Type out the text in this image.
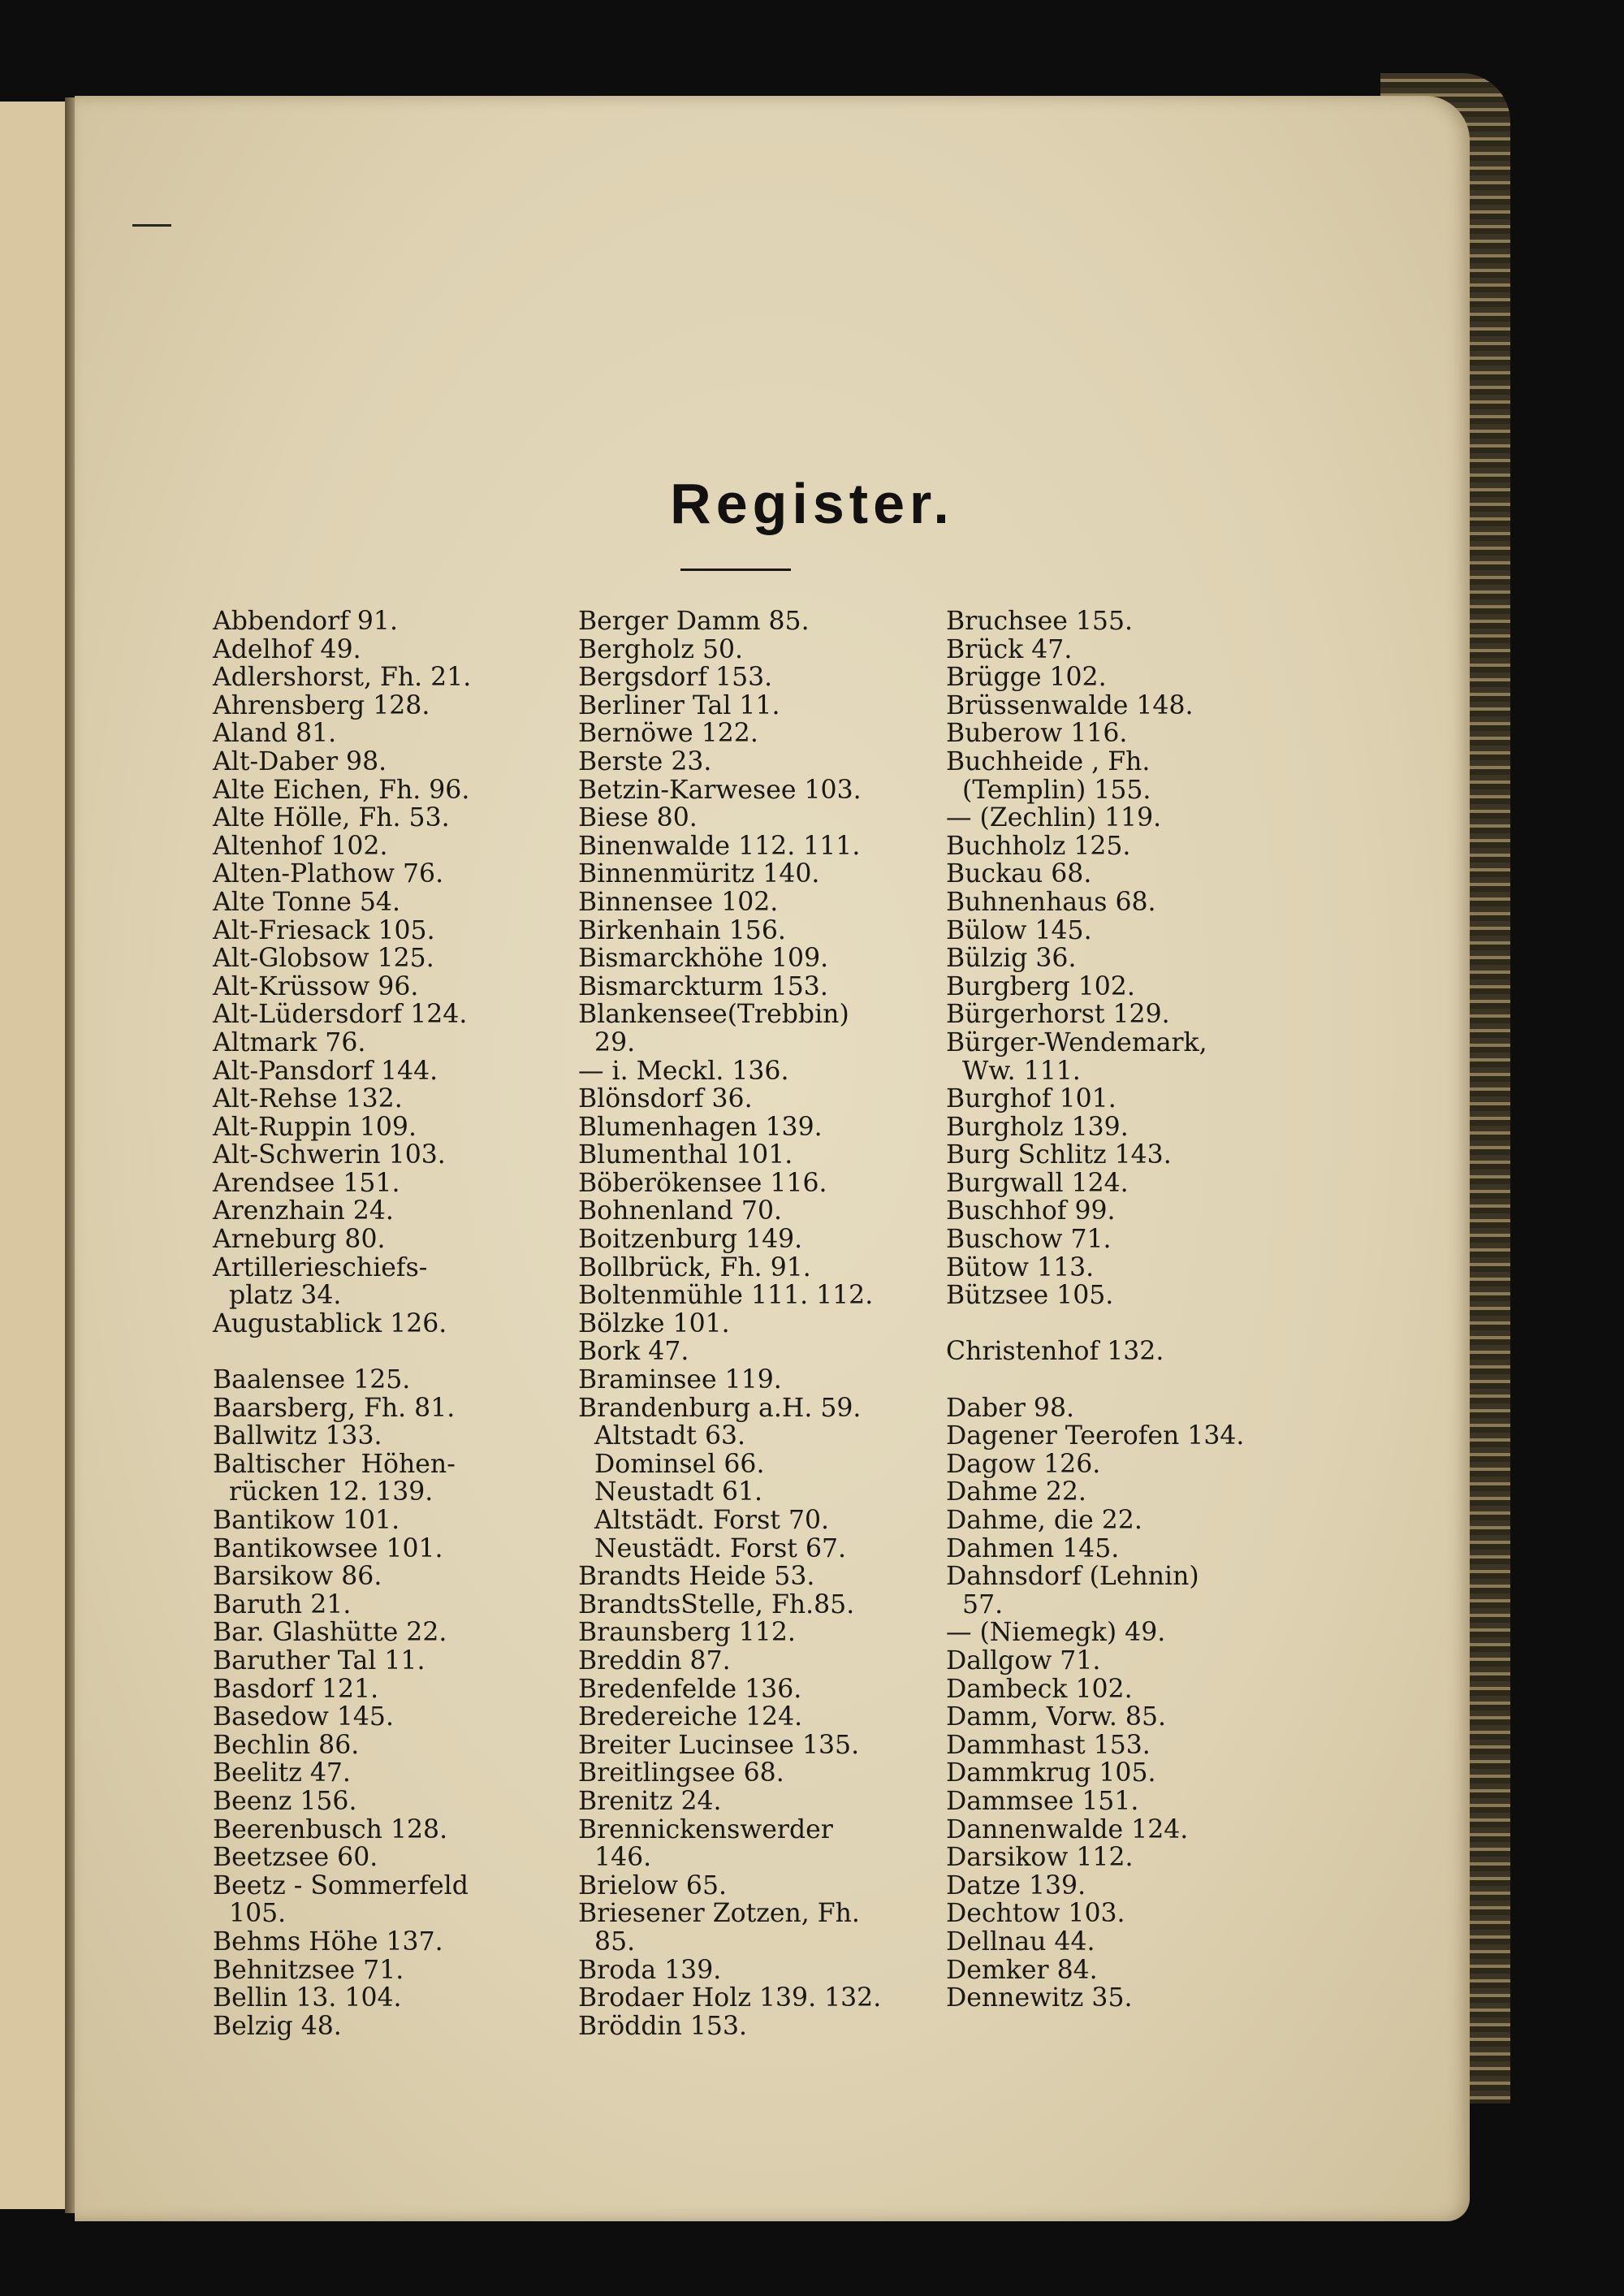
Register.
Abbendorf 91.
Adelhof 49.
Adlershorst, Fh. 21.
Ahrensberg 128.
Aland 81.
Alt-Daber 98.
Alte Eichen, Fh. 96.
Alte Hölle, Fh. 53.
Altenhof 102.
Alten-Plathow 76.
Alte Tonne 54.
Alt-Friesack 105.
Alt-Globsow 125.
Alt-Krüssow 96.
Alt-Lüdersdorf 124.
Altmark 76.
Alt-Pansdorf 144.
Alt-Rehse 132.
Alt-Ruppin 109.
Alt-Schwerin 103.
Arendsee 151.
Arenzhain 24.
Arneburg 80.
Artillerieschiefs-
platz 34.
Augustablick 126.
Baalensee 125.
Baarsberg, Fh. 81.
Ballwitz 133.
Baltischer  Höhen-
rücken 12. 139.
Bantikow 101.
Bantikowsee 101.
Barsikow 86.
Baruth 21.
Bar. Glashütte 22.
Baruther Tal 11.
Basdorf 121.
Basedow 145.
Bechlin 86.
Beelitz 47.
Beenz 156.
Beerenbusch 128.
Beetzsee 60.
Beetz - Sommerfeld
105.
Behms Höhe 137.
Behnitzsee 71.
Bellin 13. 104.
Belzig 48.
Berger Damm 85.
Bergholz 50.
Bergsdorf 153.
Berliner Tal 11.
Bernöwe 122.
Berste 23.
Betzin-Karwesee 103.
Biese 80.
Binenwalde 112. 111.
Binnenmüritz 140.
Binnensee 102.
Birkenhain 156.
Bismarckhöhe 109.
Bismarckturm 153.
Blankensee(Trebbin)
29.
— i. Meckl. 136.
Blönsdorf 36.
Blumenhagen 139.
Blumenthal 101.
Böberökensee 116.
Bohnenland 70.
Boitzenburg 149.
Bollbrück, Fh. 91.
Boltenmühle 111. 112.
Bölzke 101.
Bork 47.
Braminsee 119.
Brandenburg a.H. 59.
Altstadt 63.
Dominsel 66.
Neustadt 61.
Altstädt. Forst 70.
Neustädt. Forst 67.
Brandts Heide 53.
BrandtsStelle, Fh.85.
Braunsberg 112.
Breddin 87.
Bredenfelde 136.
Bredereiche 124.
Breiter Lucinsee 135.
Breitlingsee 68.
Brenitz 24.
Brennickenswerder
146.
Brielow 65.
Briesener Zotzen, Fh.
85.
Broda 139.
Brodaer Holz 139. 132.
Bröddin 153.
Bruchsee 155.
Brück 47.
Brügge 102.
Brüssenwalde 148.
Buberow 116.
Buchheide , Fh.
(Templin) 155.
— (Zechlin) 119.
Buchholz 125.
Buckau 68.
Buhnenhaus 68.
Bülow 145.
Bülzig 36.
Burgberg 102.
Bürgerhorst 129.
Bürger-Wendemark,
Ww. 111.
Burghof 101.
Burgholz 139.
Burg Schlitz 143.
Burgwall 124.
Buschhof 99.
Buschow 71.
Bütow 113.
Bützsee 105.
Christenhof 132.
Daber 98.
Dagener Teerofen 134.
Dagow 126.
Dahme 22.
Dahme, die 22.
Dahmen 145.
Dahnsdorf (Lehnin)
57.
— (Niemegk) 49.
Dallgow 71.
Dambeck 102.
Damm, Vorw. 85.
Dammhast 153.
Dammkrug 105.
Dammsee 151.
Dannenwalde 124.
Darsikow 112.
Datze 139.
Dechtow 103.
Dellnau 44.
Demker 84.
Dennewitz 35.
